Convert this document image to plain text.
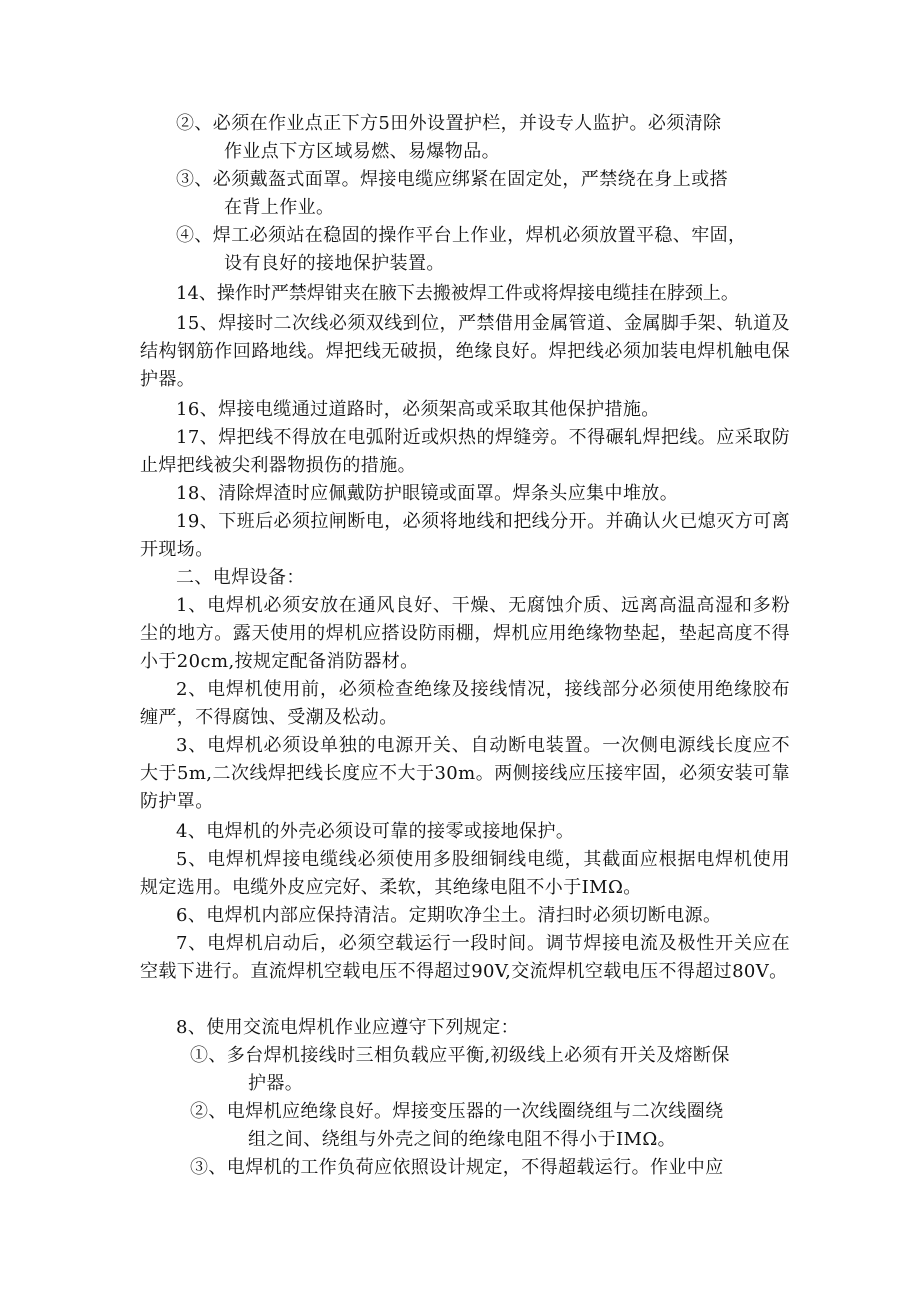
②、必须在作业点正下方5田外设置护栏，并设专人监护。必须清除
作业点下方区域易燃、易爆物品。
③、必须戴盔式面罩。焊接电缆应绑紧在固定处，严禁绕在身上或搭
在背上作业。
④、焊工必须站在稳固的操作平台上作业，焊机必须放置平稳、牢固，
设有良好的接地保护装置。

14、操作时严禁焊钳夹在腋下去搬被焊工件或将焊接电缆挂在脖颈上。

15、焊接时二次线必须双线到位，严禁借用金属管道、金属脚手架、轨道及结构钢筋作回路地线。焊把线无破损，绝缘良好。焊把线必须加装电焊机触电保护器。

16、焊接电缆通过道路时，必须架高或采取其他保护措施。

17、焊把线不得放在电弧附近或炽热的焊缝旁。不得碾轧焊把线。应采取防止焊把线被尖利器物损伤的措施。

18、清除焊渣时应佩戴防护眼镜或面罩。焊条头应集中堆放。

19、下班后必须拉闸断电，必须将地线和把线分开。并确认火已熄灭方可离开现场。

二、电焊设备：

1、电焊机必须安放在通风良好、干燥、无腐蚀介质、远离高温高湿和多粉尘的地方。露天使用的焊机应搭设防雨棚，焊机应用绝缘物垫起，垫起高度不得小于20cm,按规定配备消防器材。

2、电焊机使用前，必须检查绝缘及接线情况，接线部分必须使用绝缘胶布缠严，不得腐蚀、受潮及松动。

3、电焊机必须设单独的电源开关、自动断电装置。一次侧电源线长度应不大于5m,二次线焊把线长度应不大于30m。两侧接线应压接牢固，必须安装可靠防护罩。

4、电焊机的外壳必须设可靠的接零或接地保护。

5、电焊机焊接电缆线必须使用多股细铜线电缆，其截面应根据电焊机使用规定选用。电缆外皮应完好、柔软，其绝缘电阻不小于IMΩ。

6、电焊机内部应保持清洁。定期吹净尘土。清扫时必须切断电源。

7、电焊机启动后，必须空载运行一段时间。调节焊接电流及极性开关应在空载下进行。直流焊机空载电压不得超过90V,交流焊机空载电压不得超过80V。

8、使用交流电焊机作业应遵守下列规定：

①、多台焊机接线时三相负载应平衡,初级线上必须有开关及熔断保
护器。
②、电焊机应绝缘良好。焊接变压器的一次线圈绕组与二次线圈绕
组之间、绕组与外壳之间的绝缘电阻不得小于IMΩ。
③、电焊机的工作负荷应依照设计规定，不得超载运行。作业中应
